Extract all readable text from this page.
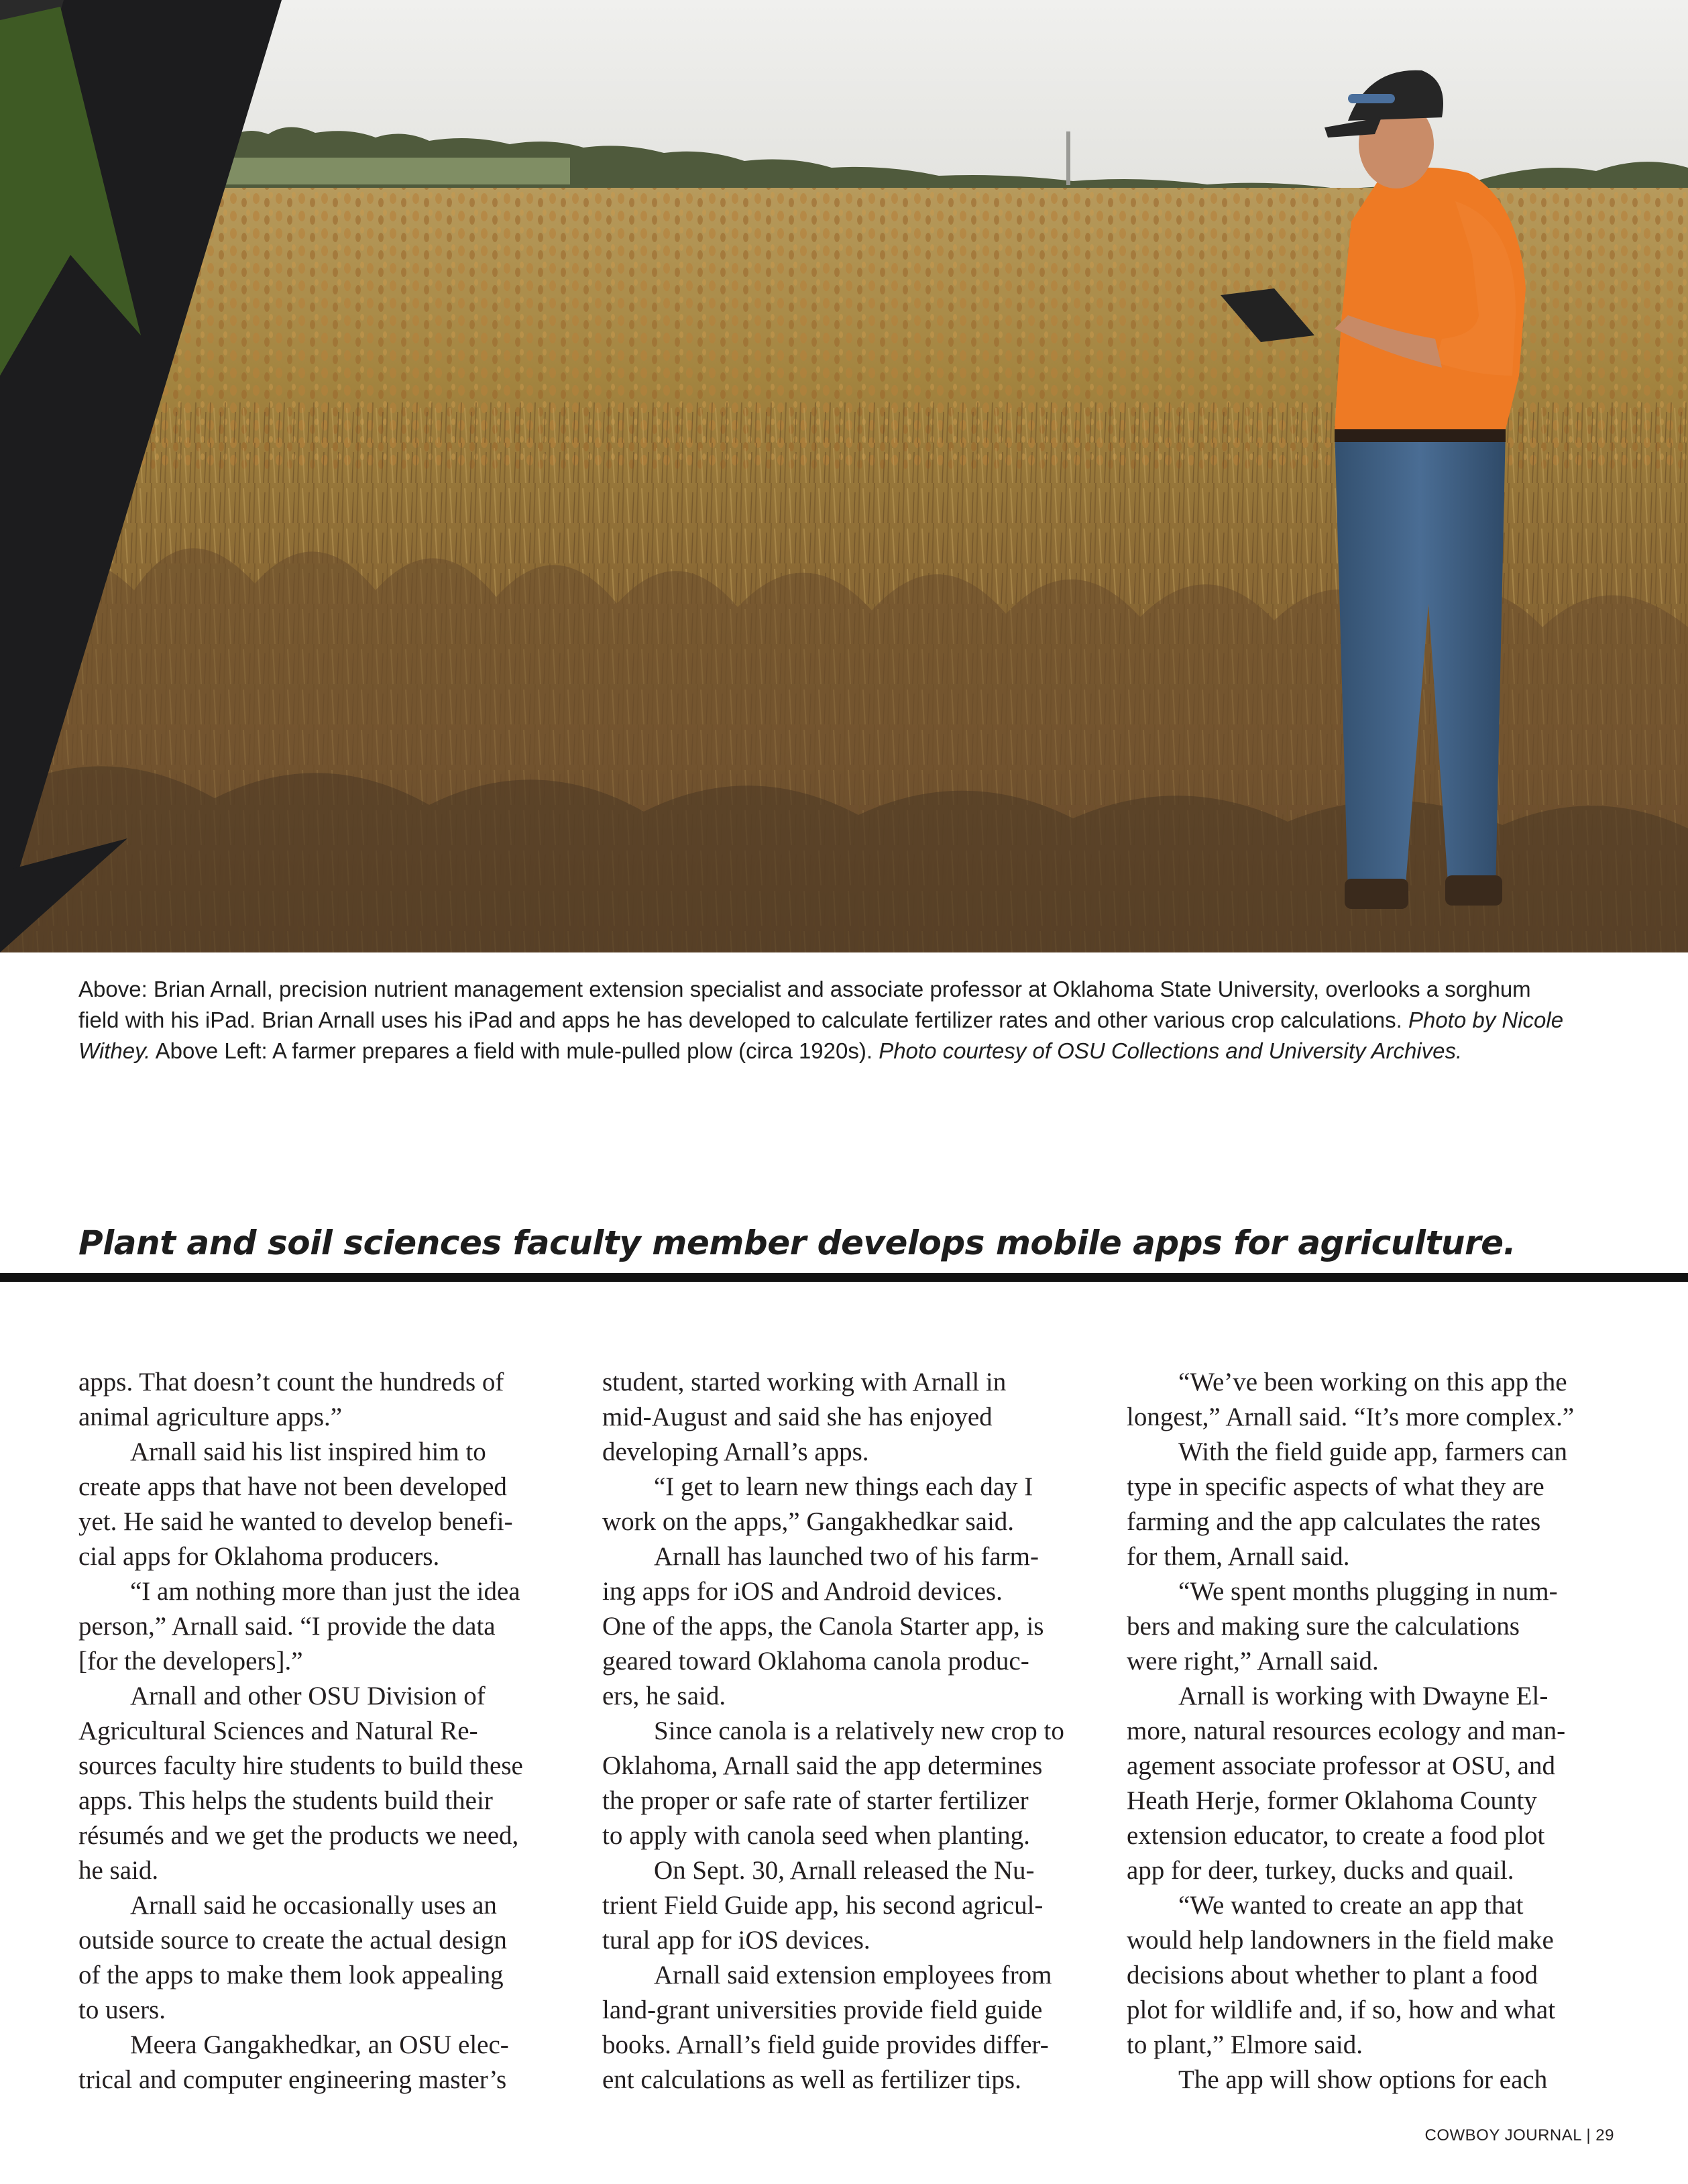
Above: Brian Arnall, precision nutrient management extension specialist and associate professor at Oklahoma State University, overlooks a sorghum
field with his iPad. Brian Arnall uses his iPad and apps he has developed to calculate fertilizer rates and other various crop calculations. Photo by Nicole
Withey. Above Left: A farmer prepares a field with mule-pulled plow (circa 1920s). Photo courtesy of OSU Collections and University Archives.
Plant and soil sciences faculty member develops mobile apps for agriculture.

apps. That doesn’t count the hundreds of

animal agriculture apps.”

Arnall said his list inspired him to

create apps that have not been developed

yet. He said he wanted to develop benefi-

cial apps for Oklahoma producers.

“I am nothing more than just the idea

person,” Arnall said. “I provide the data

[for the developers].”

Arnall and other OSU Division of

Agricultural Sciences and Natural Re-

sources faculty hire students to build these

apps. This helps the students build their

résumés and we get the products we need,

he said.

Arnall said he occasionally uses an

outside source to create the actual design

of the apps to make them look appealing

to users.

Meera Gangakhedkar, an OSU elec-

trical and computer engineering master’s

student, started working with Arnall in

mid-August and said she has enjoyed

developing Arnall’s apps.

“I get to learn new things each day I

work on the apps,” Gangakhedkar said.

Arnall has launched two of his farm-

ing apps for iOS and Android devices.

One of the apps, the Canola Starter app, is

geared toward Oklahoma canola produc-

ers, he said.

Since canola is a relatively new crop to

Oklahoma, Arnall said the app determines

the proper or safe rate of starter fertilizer

to apply with canola seed when planting.

On Sept. 30, Arnall released the Nu-

trient Field Guide app, his second agricul-

tural app for iOS devices.

Arnall said extension employees from

land-grant universities provide field guide

books. Arnall’s field guide provides differ-

ent calculations as well as fertilizer tips.

“We’ve been working on this app the

longest,” Arnall said. “It’s more complex.”

With the field guide app, farmers can

type in specific aspects of what they are

farming and the app calculates the rates

for them, Arnall said.

“We spent months plugging in num-

bers and making sure the calculations

were right,” Arnall said.

Arnall is working with Dwayne El-

more, natural resources ecology and man-

agement associate professor at OSU, and

Heath Herje, former Oklahoma County

extension educator, to create a food plot

app for deer, turkey, ducks and quail.

“We wanted to create an app that

would help landowners in the field make

decisions about whether to plant a food

plot for wildlife and, if so, how and what

to plant,” Elmore said.

The app will show options for each

COWBOY JOURNAL | 29
